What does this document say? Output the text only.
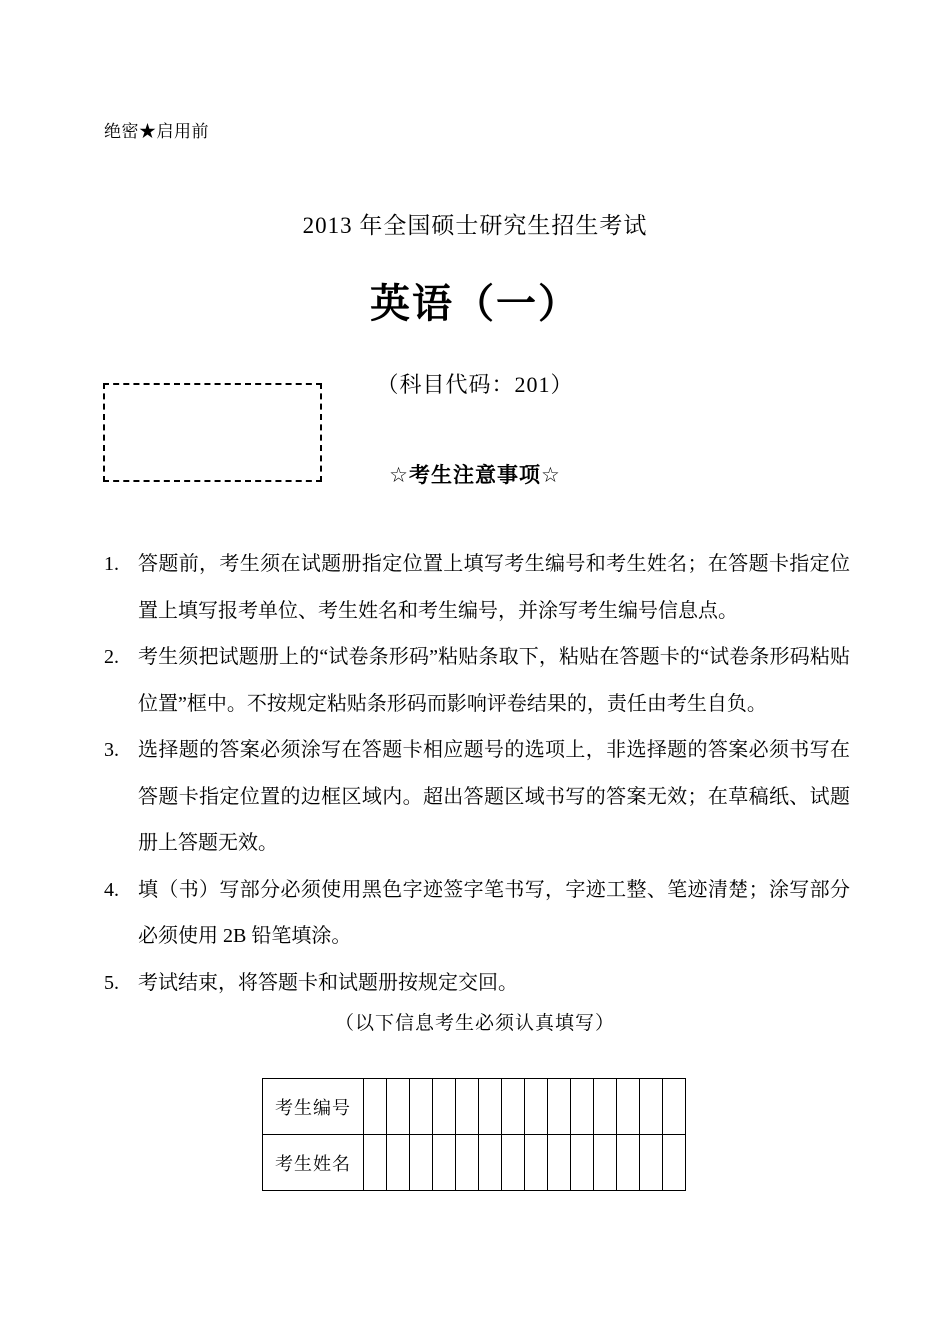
绝密★启用前
2013 年全国硕士研究生招生考试
英语（一）
（科目代码：201）
☆考生注意事项☆
1. 答题前，考生须在试题册指定位置上填写考生编号和考生姓名；在答题卡指定位置上填写报考单位、考生姓名和考生编号，并涂写考生编号信息点。
2. 考生须把试题册上的“试卷条形码”粘贴条取下，粘贴在答题卡的“试卷条形码粘贴位置”框中。不按规定粘贴条形码而影响评卷结果的，责任由考生自负。
3. 选择题的答案必须涂写在答题卡相应题号的选项上，非选择题的答案必须书写在答题卡指定位置的边框区域内。超出答题区域书写的答案无效；在草稿纸、试题册上答题无效。
4. 填（书）写部分必须使用黑色字迹签字笔书写，字迹工整、笔迹清楚；涂写部分必须使用 2B 铅笔填涂。
5. 考试结束，将答题卡和试题册按规定交回。
（以下信息考生必须认真填写）
考生编号														
考生姓名														
